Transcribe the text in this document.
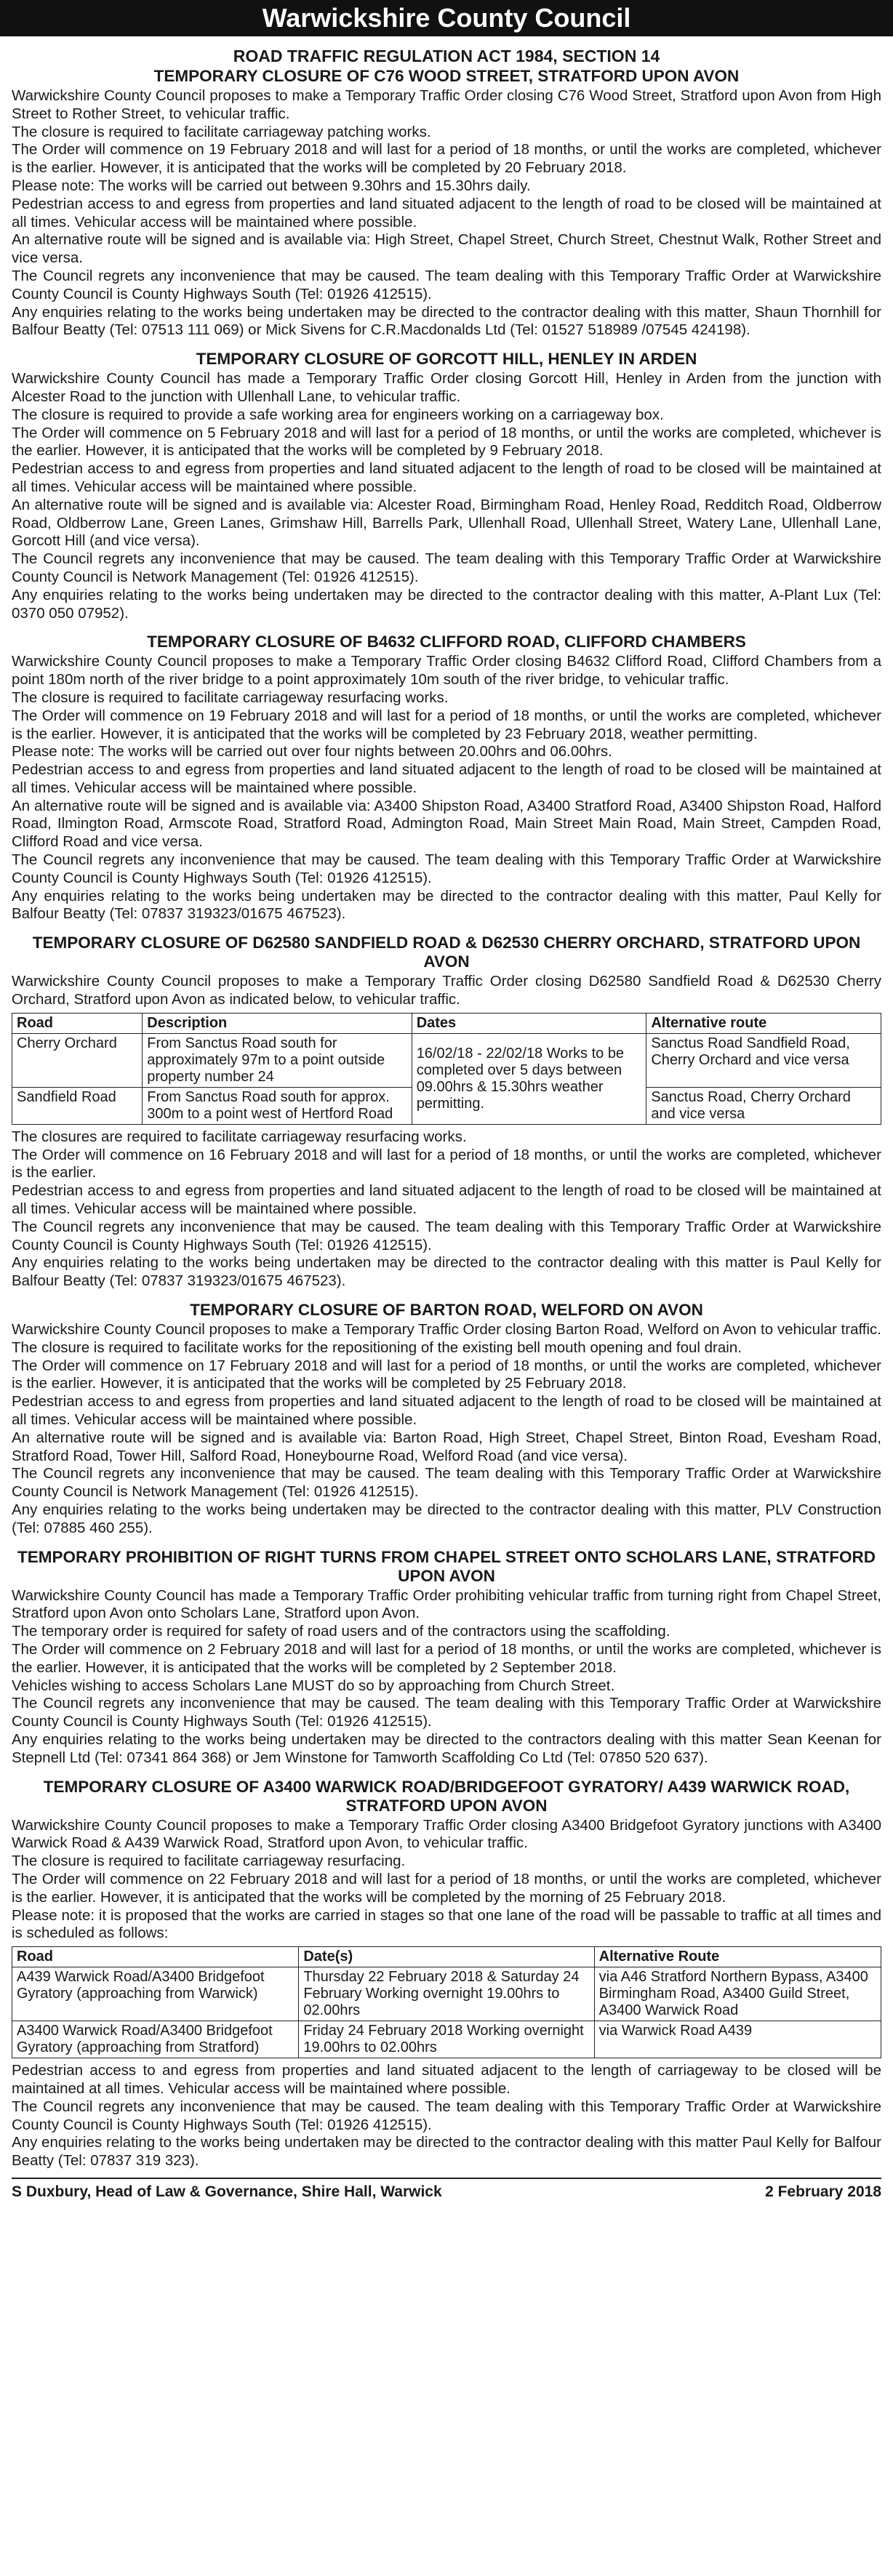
Warwickshire County Council
ROAD TRAFFIC REGULATION ACT 1984, SECTION 14
TEMPORARY CLOSURE OF C76 WOOD STREET, STRATFORD UPON AVON

Warwickshire County Council proposes to make a Temporary Traffic Order closing C76 Wood Street, Stratford upon Avon from High Street to Rother Street, to vehicular traffic.

The closure is required to facilitate carriageway patching works.

The Order will commence on 19 February 2018 and will last for a period of 18 months, or until the works are completed, whichever is the earlier. However, it is anticipated that the works will be completed by 20 February 2018.

Please note: The works will be carried out between 9.30hrs and 15.30hrs daily.

Pedestrian access to and egress from properties and land situated adjacent to the length of road to be closed will be maintained at all times. Vehicular access will be maintained where possible.

An alternative route will be signed and is available via: High Street, Chapel Street, Church Street, Chestnut Walk, Rother Street and vice versa.

The Council regrets any inconvenience that may be caused. The team dealing with this Temporary Traffic Order at Warwickshire County Council is County Highways South (Tel: 01926 412515).

Any enquiries relating to the works being undertaken may be directed to the contractor dealing with this matter, Shaun Thornhill for Balfour Beatty (Tel: 07513 111 069) or Mick Sivens for C.R.Macdonalds Ltd (Tel: 01527 518989 /07545 424198).

TEMPORARY CLOSURE OF GORCOTT HILL, HENLEY IN ARDEN

Warwickshire County Council has made a Temporary Traffic Order closing Gorcott Hill, Henley in Arden from the junction with Alcester Road to the junction with Ullenhall Lane, to vehicular traffic.

The closure is required to provide a safe working area for engineers working on a carriageway box.

The Order will commence on 5 February 2018 and will last for a period of 18 months, or until the works are completed, whichever is the earlier. However, it is anticipated that the works will be completed by 9 February 2018.

Pedestrian access to and egress from properties and land situated adjacent to the length of road to be closed will be maintained at all times. Vehicular access will be maintained where possible.

An alternative route will be signed and is available via: Alcester Road, Birmingham Road, Henley Road, Redditch Road, Oldberrow Road, Oldberrow Lane, Green Lanes, Grimshaw Hill, Barrells Park, Ullenhall Road, Ullenhall Street, Watery Lane, Ullenhall Lane, Gorcott Hill (and vice versa).

The Council regrets any inconvenience that may be caused. The team dealing with this Temporary Traffic Order at Warwickshire County Council is Network Management (Tel: 01926 412515).

Any enquiries relating to the works being undertaken may be directed to the contractor dealing with this matter, A-Plant Lux (Tel: 0370 050 07952).

TEMPORARY CLOSURE OF B4632 CLIFFORD ROAD, CLIFFORD CHAMBERS

Warwickshire County Council proposes to make a Temporary Traffic Order closing B4632 Clifford Road, Clifford Chambers from a point 180m north of the river bridge to a point approximately 10m south of the river bridge, to vehicular traffic.

The closure is required to facilitate carriageway resurfacing works.

The Order will commence on 19 February 2018 and will last for a period of 18 months, or until the works are completed, whichever is the earlier. However, it is anticipated that the works will be completed by 23 February 2018, weather permitting.

Please note: The works will be carried out over four nights between 20.00hrs and 06.00hrs.

Pedestrian access to and egress from properties and land situated adjacent to the length of road to be closed will be maintained at all times. Vehicular access will be maintained where possible.

An alternative route will be signed and is available via: A3400 Shipston Road, A3400 Stratford Road, A3400 Shipston Road, Halford Road, Ilmington Road, Armscote Road, Stratford Road, Admington Road, Main Street Main Road, Main Street, Campden Road, Clifford Road and vice versa.

The Council regrets any inconvenience that may be caused. The team dealing with this Temporary Traffic Order at Warwickshire County Council is County Highways South (Tel: 01926 412515).

Any enquiries relating to the works being undertaken may be directed to the contractor dealing with this matter, Paul Kelly for Balfour Beatty (Tel: 07837 319323/01675 467523).

TEMPORARY CLOSURE OF D62580 SANDFIELD ROAD & D62530 CHERRY ORCHARD, STRATFORD UPON AVON

Warwickshire County Council proposes to make a Temporary Traffic Order closing D62580 Sandfield Road & D62530 Cherry Orchard, Stratford upon Avon as indicated below, to vehicular traffic.

Road	Description	Dates	Alternative route
Cherry Orchard	From Sanctus Road south for approximately 97m to a point outside property number 24	16/02/18 - 22/02/18 Works to be completed over 5 days between 09.00hrs & 15.30hrs weather permitting.	Sanctus Road Sandfield Road, Cherry Orchard and vice versa
Sandfield Road	From Sanctus Road south for approx. 300m to a point west of Hertford Road		Sanctus Road, Cherry Orchard and vice versa

The closures are required to facilitate carriageway resurfacing works.

The Order will commence on 16 February 2018 and will last for a period of 18 months, or until the works are completed, whichever is the earlier.

Pedestrian access to and egress from properties and land situated adjacent to the length of road to be closed will be maintained at all times. Vehicular access will be maintained where possible.

The Council regrets any inconvenience that may be caused. The team dealing with this Temporary Traffic Order at Warwickshire County Council is County Highways South (Tel: 01926 412515).

Any enquiries relating to the works being undertaken may be directed to the contractor dealing with this matter is Paul Kelly for Balfour Beatty (Tel: 07837 319323/01675 467523).

TEMPORARY CLOSURE OF BARTON ROAD, WELFORD ON AVON

Warwickshire County Council proposes to make a Temporary Traffic Order closing Barton Road, Welford on Avon to vehicular traffic.

The closure is required to facilitate works for the repositioning of the existing bell mouth opening and foul drain.

The Order will commence on 17 February 2018 and will last for a period of 18 months, or until the works are completed, whichever is the earlier. However, it is anticipated that the works will be completed by 25 February 2018.

Pedestrian access to and egress from properties and land situated adjacent to the length of road to be closed will be maintained at all times. Vehicular access will be maintained where possible.

An alternative route will be signed and is available via: Barton Road, High Street, Chapel Street, Binton Road, Evesham Road, Stratford Road, Tower Hill, Salford Road, Honeybourne Road, Welford Road (and vice versa).

The Council regrets any inconvenience that may be caused. The team dealing with this Temporary Traffic Order at Warwickshire County Council is Network Management (Tel: 01926 412515).

Any enquiries relating to the works being undertaken may be directed to the contractor dealing with this matter, PLV Construction (Tel: 07885 460 255).

TEMPORARY PROHIBITION OF RIGHT TURNS FROM CHAPEL STREET ONTO SCHOLARS LANE, STRATFORD UPON AVON

Warwickshire County Council has made a Temporary Traffic Order prohibiting vehicular traffic from turning right from Chapel Street, Stratford upon Avon onto Scholars Lane, Stratford upon Avon.

The temporary order is required for safety of road users and of the contractors using the scaffolding.

The Order will commence on 2 February 2018 and will last for a period of 18 months, or until the works are completed, whichever is the earlier. However, it is anticipated that the works will be completed by 2 September 2018.

Vehicles wishing to access Scholars Lane MUST do so by approaching from Church Street.

The Council regrets any inconvenience that may be caused. The team dealing with this Temporary Traffic Order at Warwickshire County Council is County Highways South (Tel: 01926 412515).

Any enquiries relating to the works being undertaken may be directed to the contractors dealing with this matter Sean Keenan for Stepnell Ltd (Tel: 07341 864 368) or Jem Winstone for Tamworth Scaffolding Co Ltd (Tel: 07850 520 637).

TEMPORARY CLOSURE OF A3400 WARWICK ROAD/BRIDGEFOOT GYRATORY/ A439 WARWICK ROAD, STRATFORD UPON AVON

Warwickshire County Council proposes to make a Temporary Traffic Order closing A3400 Bridgefoot Gyratory junctions with A3400 Warwick Road & A439 Warwick Road, Stratford upon Avon, to vehicular traffic.

The closure is required to facilitate carriageway resurfacing.

The Order will commence on 22 February 2018 and will last for a period of 18 months, or until the works are completed, whichever is the earlier. However, it is anticipated that the works will be completed by the morning of 25 February 2018.

Please note: it is proposed that the works are carried in stages so that one lane of the road will be passable to traffic at all times and is scheduled as follows:

Road	Date(s)	Alternative Route
A439 Warwick Road/A3400 Bridgefoot Gyratory (approaching from Warwick)	Thursday 22 February 2018 & Saturday 24 February Working overnight 19.00hrs to 02.00hrs	via A46 Stratford Northern Bypass, A3400 Birmingham Road, A3400 Guild Street, A3400 Warwick Road
A3400 Warwick Road/A3400 Bridgefoot Gyratory (approaching from Stratford)	Friday 24 February 2018 Working overnight 19.00hrs to 02.00hrs	via Warwick Road A439

Pedestrian access to and egress from properties and land situated adjacent to the length of carriageway to be closed will be maintained at all times. Vehicular access will be maintained where possible.

The Council regrets any inconvenience that may be caused. The team dealing with this Temporary Traffic Order at Warwickshire County Council is County Highways South (Tel: 01926 412515).

Any enquiries relating to the works being undertaken may be directed to the contractor dealing with this matter Paul Kelly for Balfour Beatty (Tel: 07837 319 323).

S Duxbury, Head of Law & Governance, Shire Hall, Warwick	2 February 2018
